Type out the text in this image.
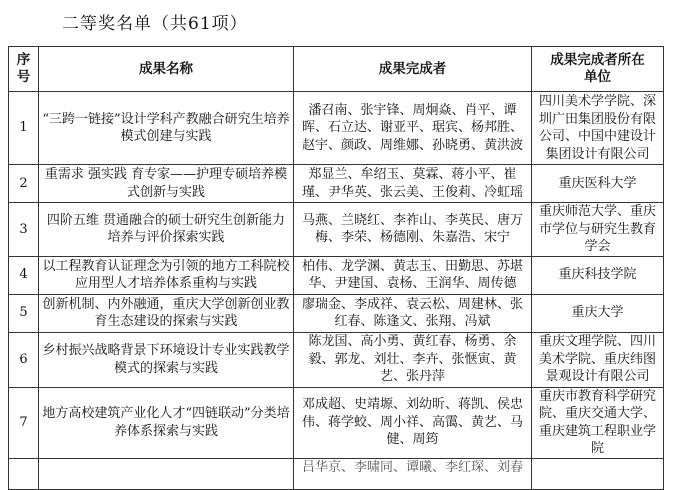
二等奖名单（共61项）
序号	成果名称	成果完成者	成果完成者所在单位
1	“三跨一链接”设计学科产教融合研究生培养模式创建与实践	潘召南、张宇锋、周炯焱、肖平、谭晖、石立达、谢亚平、琚宾、杨邦胜、赵宇、颜政、周维娜、孙晓勇、黄洪波	四川美术学学院、深圳广田集团股份有限公司、中国中建设计集团设计有限公司
2	重需求 强实践 育专家——护理专硕培养模式创新与实践	郑显兰、牟绍玉、莫霖、蒋小平、崔瑾、尹华英、张云美、王俊莉、冷虹瑶	重庆医科大学
3	四阶五维 贯通融合的硕士研究生创新能力培养与评价探索实践	马燕、兰晓红、李祚山、李英民、唐万梅、李荣、杨德刚、朱嘉浩、宋宁	重庆师范大学、重庆市学位与研究生教育学会
4	以工程教育认证理念为引领的地方工科院校应用型人才培养体系重构与实践	柏伟、龙学渊、黄志玉、田勤思、苏堪华、尹建国、袁杨、王润华、周传德	重庆科技学院
5	创新机制、内外融通，重庆大学创新创业教育生态建设的探索与实践	廖瑞金、李成祥、袁云松、周建林、张红春、陈逢文、张翔、冯斌	重庆大学
6	乡村振兴战略背景下环境设计专业实践教学模式的探索与实践	陈龙国、高小勇、黄红春、杨勇、余毅、郭龙、刘壮、李卉、张惬寅、黄艺、张丹萍	重庆文理学院、四川美术学院、重庆纬图景观设计有限公司
7	地方高校建筑产业化人才“四链联动”分类培养体系探索与实践	邓成超、史靖塬、刘幼昕、蒋凯、侯忠伟、蒋学蛟、周小祥、高霭、黄艺、马健、周筠	重庆市教育科学研究院、重庆交通大学、重庆建筑工程职业学院

		吕华京、李啸同、谭曦、李红琛、刘春	
